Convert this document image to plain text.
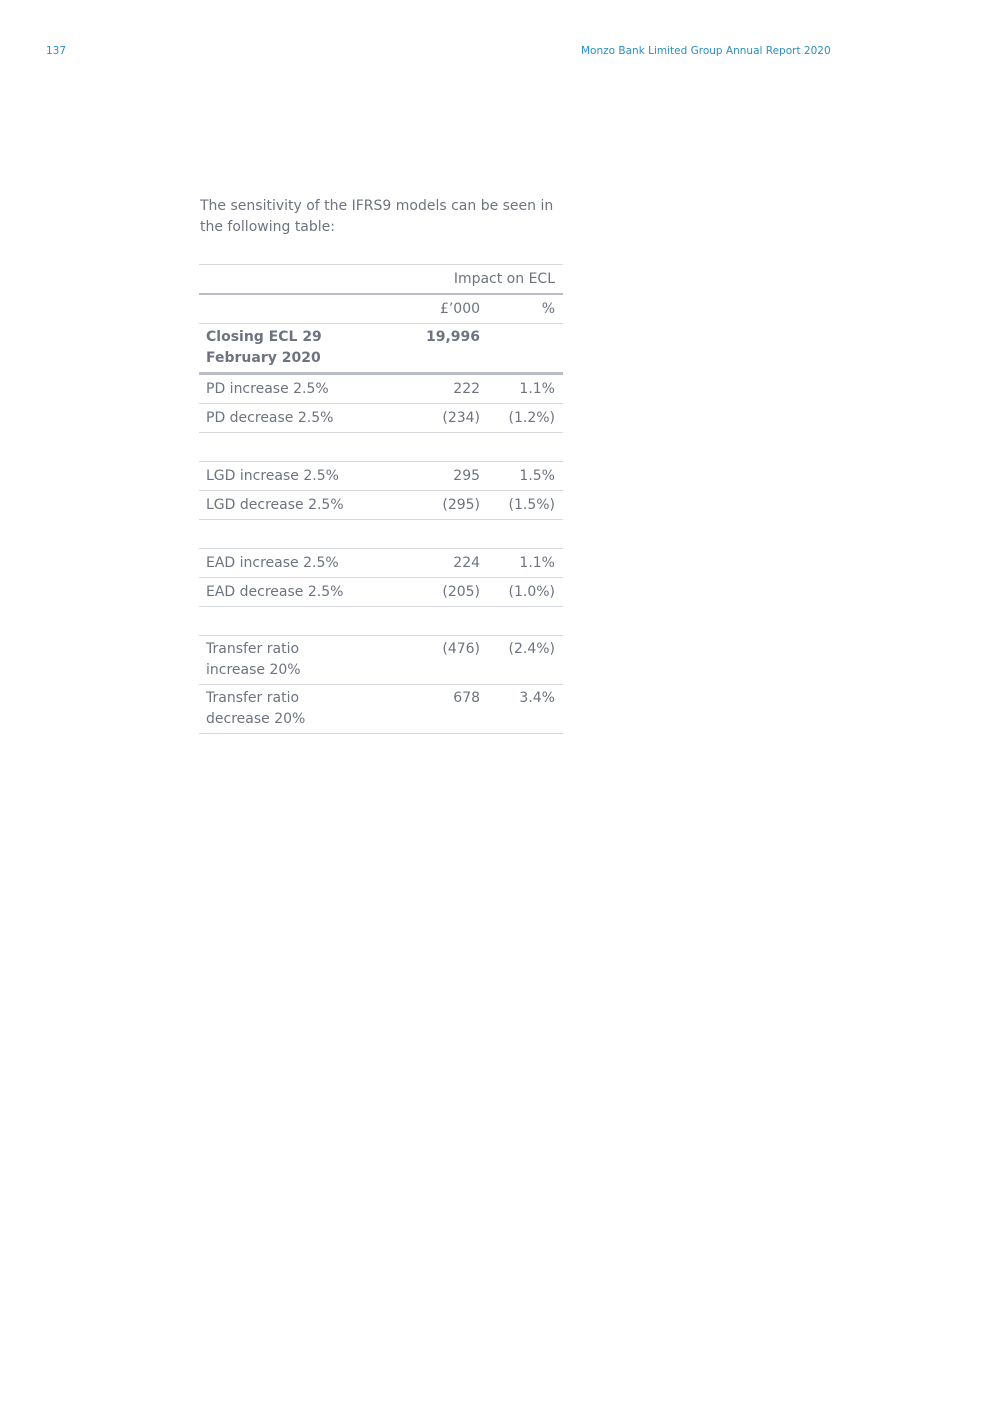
137	Monzo Bank Limited Group Annual Report 2020

The sensitivity of the IFRS9 models can be seen in the following table:

Impact on ECL		
	£’000	%
Closing ECL 29 February 2020	19,996	
PD increase 2.5%	222	1.1%
PD decrease 2.5%	(234)	(1.2%)

LGD increase 2.5%	295	1.5%
LGD decrease 2.5%	(295)	(1.5%)

EAD increase 2.5%	224	1.1%
EAD decrease 2.5%	(205)	(1.0%)

Transfer ratio increase 20%	(476)	(2.4%)
Transfer ratio decrease 20%	678	3.4%
